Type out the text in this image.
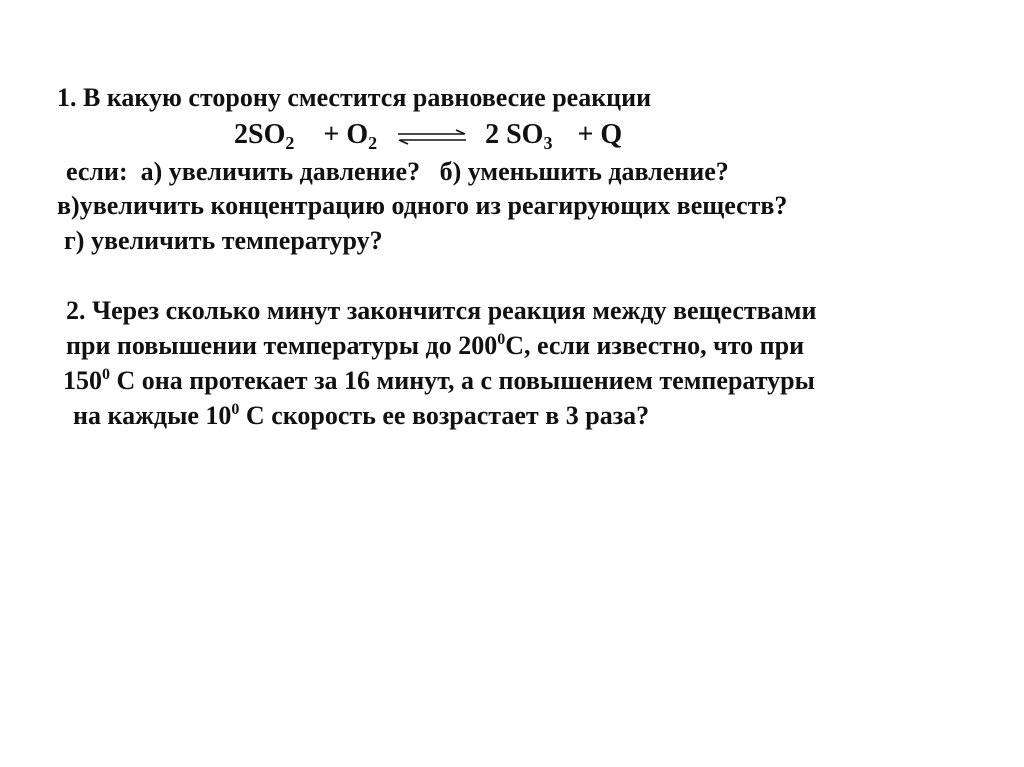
1. В какую сторону сместится равновесие реакции
$2SO_2 + O_2$ ⇌ 2 $SO_3 + Q$
если:  а) увеличить давление?   б) уменьшить давление?
в)увеличить концентрацию одного из реагирующих веществ?
г) увеличить температуру?
2. Через сколько минут закончится реакция между веществами
при повышении температуры до $200^0С$, если известно, что при
$150^0$ С она протекает за 16 минут, а с повышением температуры
на каждые $10^0$ С скорость ее возрастает в 3 раза?
